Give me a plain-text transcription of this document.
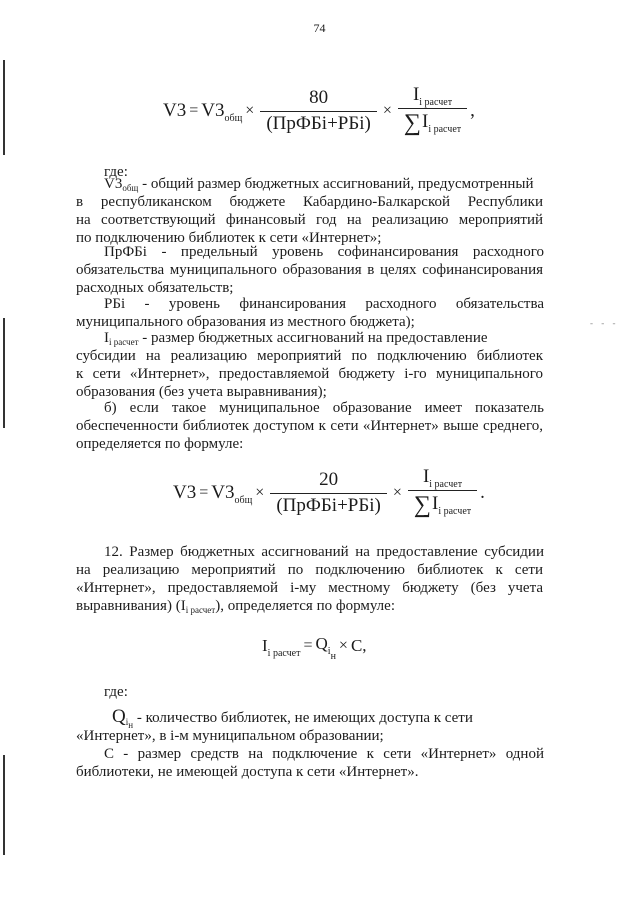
74
- - -
$V3 = V3_{общ} \times \frac{80}{\text{(ПрФБі+РБі)}} \times \frac{I_{і расчет}}{\sum I_{і расчет}}$ ,
где:
$V3_{общ}$ - общий размер бюджетных ассигнований, предусмотренный
в республиканском бюджете Кабардино-Балкарской Республики
на соответствующий финансовый год на реализацию мероприятий
по подключению библиотек к сети «Интернет»;
ПрФБі - предельный уровень софинансирования расходного
обязательства муниципального образования в целях софинансирования
расходных обязательств;
РБі - уровень финансирования расходного обязательства
муниципального образования из местного бюджета);
$I_{і расчет}$ - размер бюджетных ассигнований на предоставление
субсидии на реализацию мероприятий по подключению библиотек
к сети «Интернет», предоставляемой бюджету і-го муниципального
образования (без учета выравнивания);
б) если такое муниципальное образование имеет показатель
обеспеченности библиотек доступом к сети «Интернет» выше среднего,
определяется по формуле:
$V3 = V3_{общ} \times \frac{20}{\text{(ПрФБі+РБі)}} \times \frac{I_{і расчет}}{\sum I_{і расчет}}$ .
12. Размер бюджетных ассигнований на предоставление субсидии
на реализацию мероприятий по подключению библиотек к сети
«Интернет», предоставляемой і-му местному бюджету (без учета
выравнивания) $(I_{і расчет})$, определяется по формуле:
$I_{і расчет} = Q_{і_н}$
× C,
где:
$Q_{і_н}$ - количество библиотек, не имеющих доступа к сети
«Интернет», в і-м муниципальном образовании;
С - размер средств на подключение к сети «Интернет» одной
библиотеки, не имеющей доступа к сети «Интернет».
